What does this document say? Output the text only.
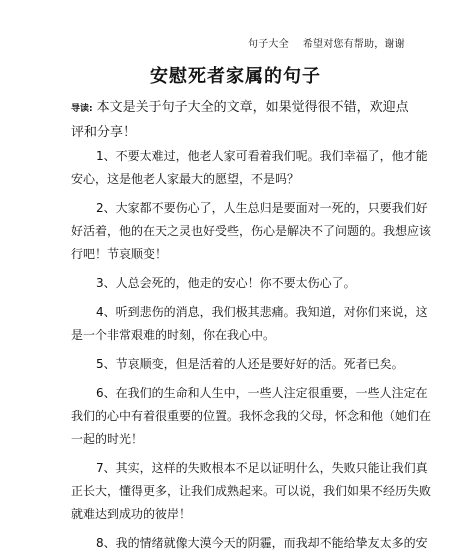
句子大全 希望对您有帮助，谢谢
安慰死者家属的句子
导读: 本文是关于句子大全的文章，如果觉得很不错，欢迎点
评和分享！
1、不要太难过，他老人家可看着我们呢。我们幸福了，他才能
安心，这是他老人家最大的愿望，不是吗？
2、大家都不要伤心了，人生总归是要面对一死的，只要我们好
好活着，他的在天之灵也好受些，伤心是解决不了问题的。我想应该
行吧！节哀顺变！
3、人总会死的，他走的安心！你不要太伤心了。
4、听到悲伤的消息，我们极其悲痛。我知道，对你们来说，这
是一个非常艰难的时刻，你在我心中。
5、节哀顺变，但是活着的人还是要好好的活。死者已矣。
6、在我们的生命和人生中，一些人注定很重要，一些人注定在
我们的心中有着很重要的位置。我怀念我的父母，怀念和他（她们在
一起的时光！
7、其实，这样的失败根本不足以证明什么，失败只能让我们真
正长大，懂得更多，让我们成熟起来。可以说，我们如果不经历失败
就难达到成功的彼岸！
8、我的情绪就像大漠今天的阴霾，而我却不能给挚友太多的安
